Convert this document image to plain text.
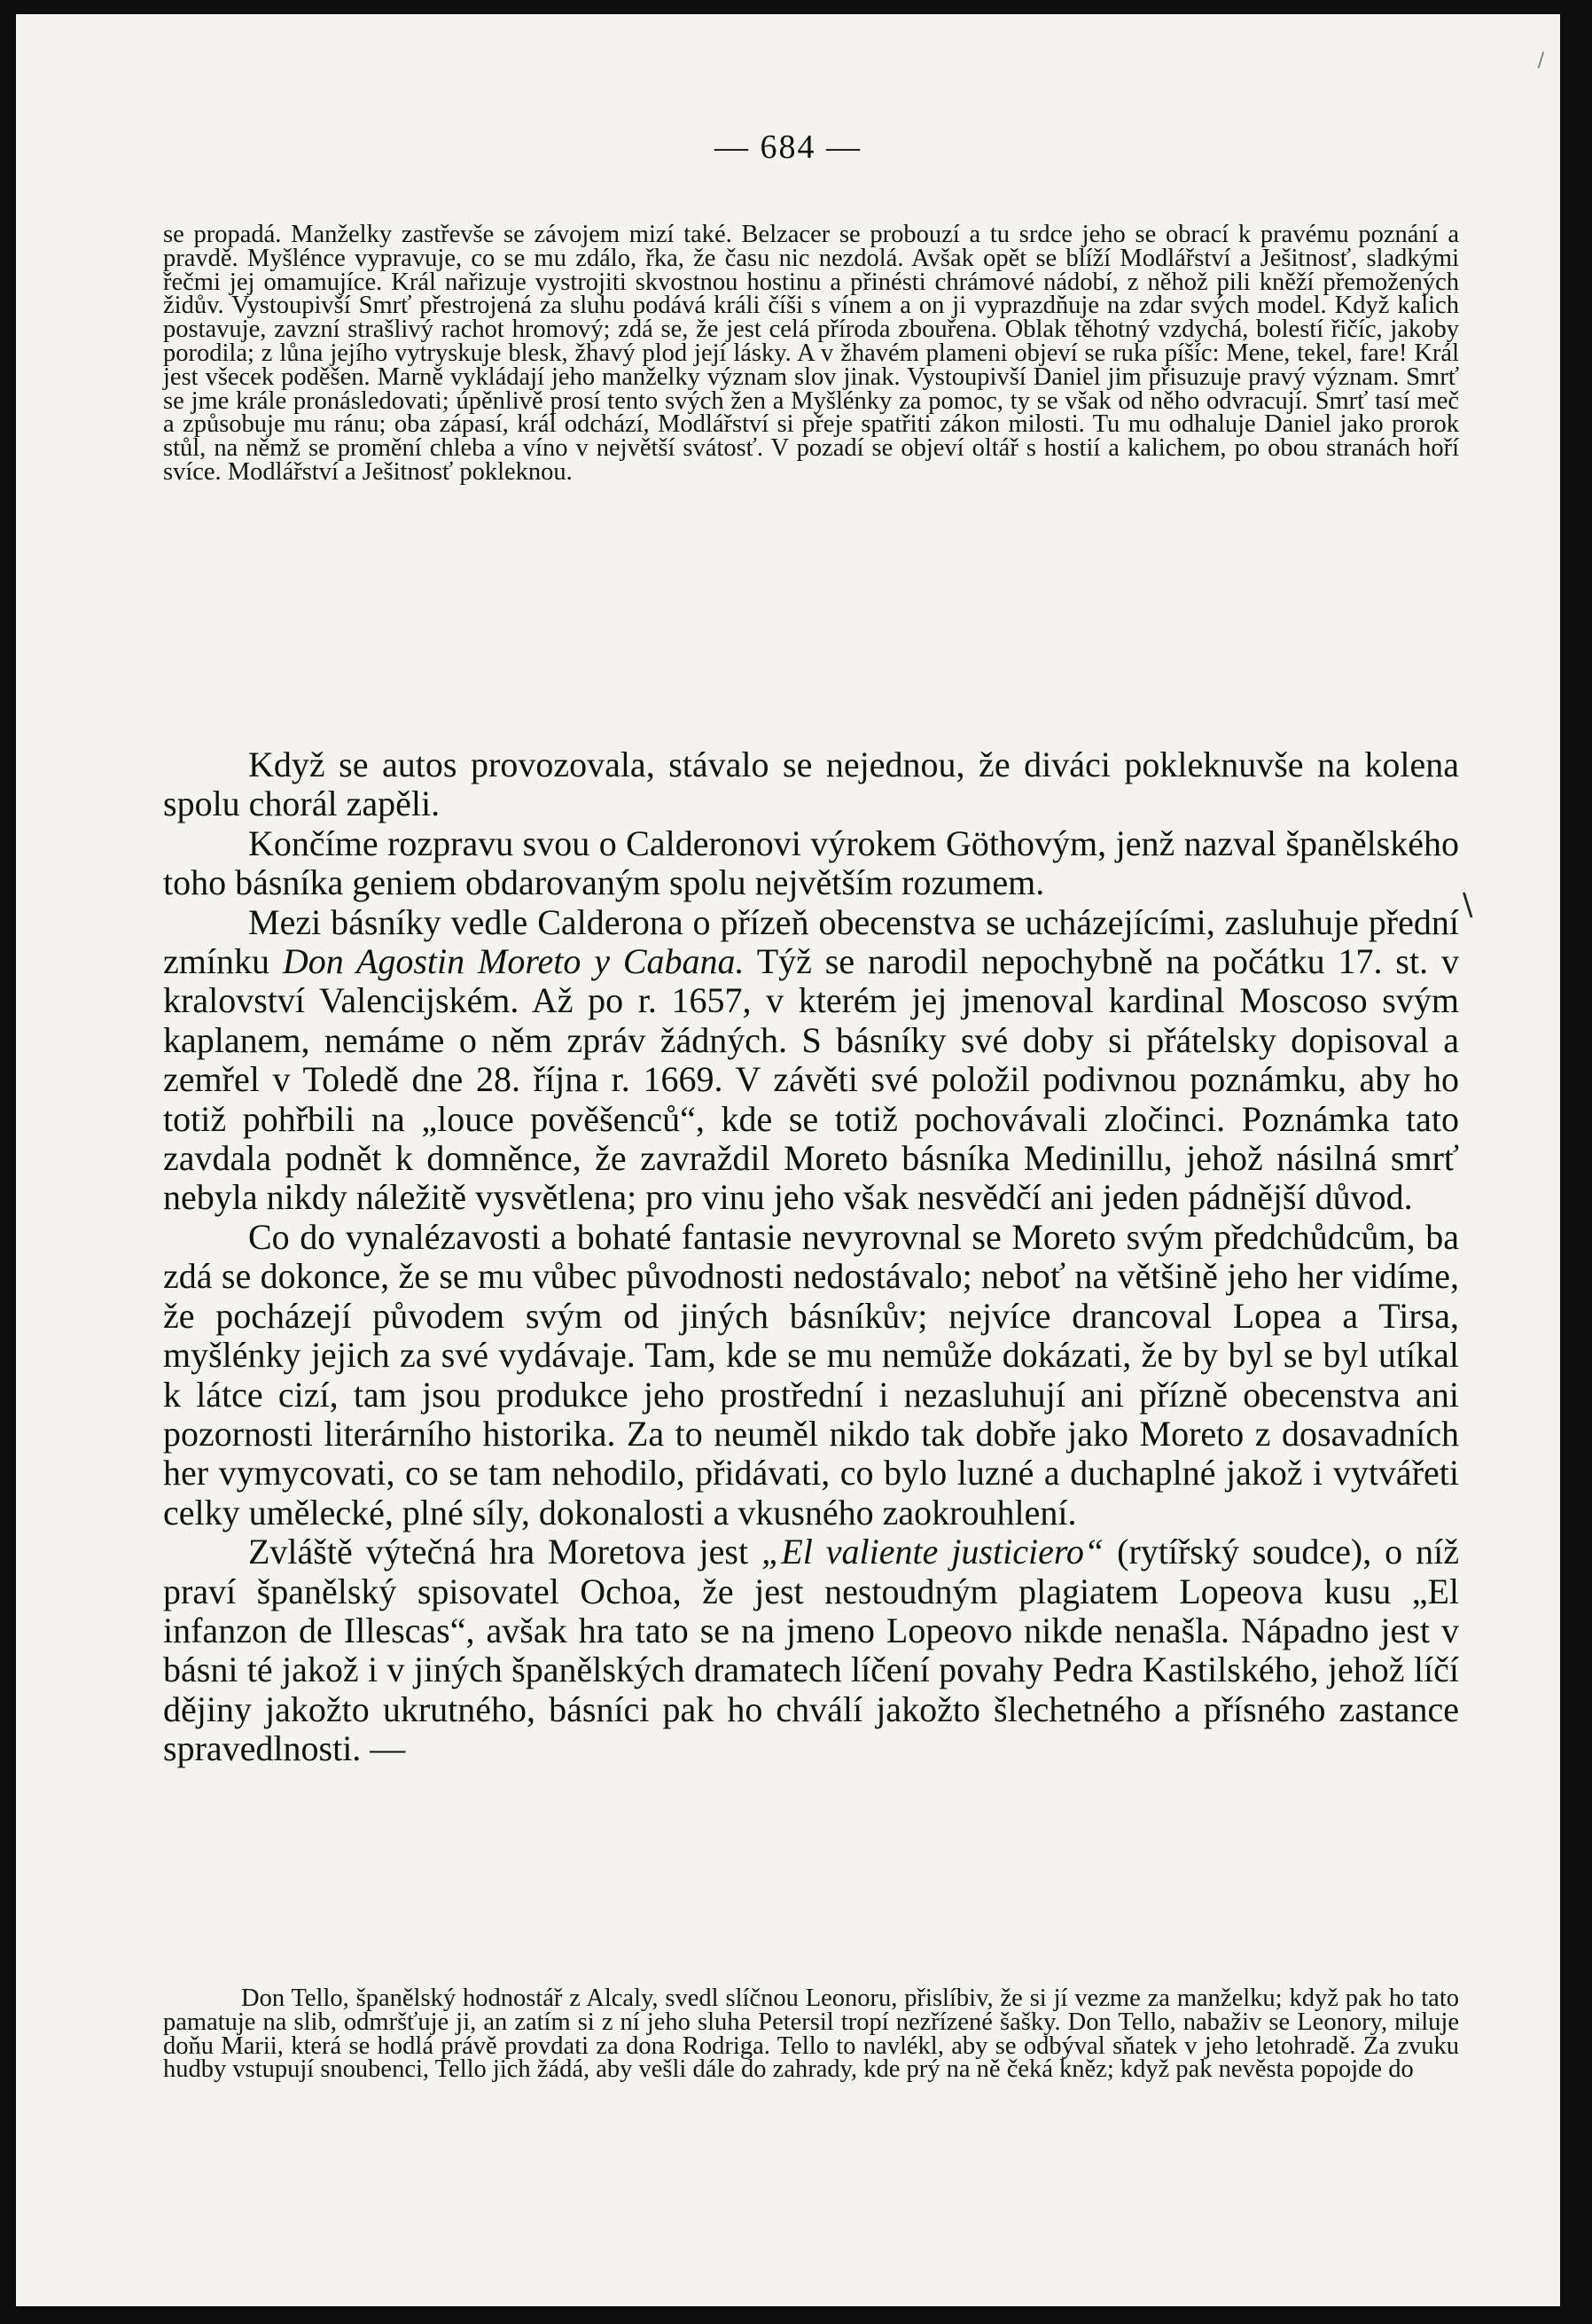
/
— 684 —

se propadá. Manželky zastřevše se závojem mizí také. Belzacer se probouzí a tu srdce jeho se obrací k pravému poznání a pravdě. Myšlénce vypravuje, co se mu zdálo, řka, že času nic nezdolá. Avšak opět se blíží Modlářství a Ješitnosť, sladkými řečmi jej omamujíce. Král nařizuje vystrojiti skvostnou hostinu a přinésti chrámové nádobí, z něhož pili kněží přemožených židův. Vystoupivší Smrť přestrojená za sluhu podává králi číši s vínem a on ji vyprazdňuje na zdar svých model. Když kalich postavuje, zavzní strašlivý rachot hromový; zdá se, že jest celá příroda zbouřena. Oblak těhotný vzdychá, bolestí řičíc, jakoby porodila; z lůna jejího vytryskuje blesk, žhavý plod její lásky. A v žhavém plameni objeví se ruka píšíc: Mene, tekel, fare! Král jest všecek poděšen. Marně vykládají jeho manželky význam slov jinak. Vystoupivší Daniel jim přisuzuje pravý význam. Smrť se jme krále pronásledovati; úpěnlivě prosí tento svých žen a Myšlénky za pomoc, ty se však od něho odvracují. Smrť tasí meč a způsobuje mu ránu; oba zápasí, král odchází, Modlářství si přeje spatřiti zákon milosti. Tu mu odhaluje Daniel jako prorok stůl, na němž se promění chleba a víno v největší svátosť. V pozadí se objeví oltář s hostií a kalichem, po obou stranách hoří svíce. Modlářství a Ješitnosť pokleknou.

Když se autos provozovala, stávalo se nejednou, že diváci pokleknuvše na kolena spolu chorál zapěli.

Končíme rozpravu svou o Calderonovi výrokem Göthovým, jenž nazval španělského toho básníka geniem obdarovaným spolu největším rozumem.

Mezi básníky vedle Calderona o přízeň obecenstva se ucházejícími, zasluhuje přední zmínku Don Agostin Moreto y Cabana. Týž se narodil nepochybně na počátku 17. st. v kralovství Valencijském. Až po r. 1657, v kterém jej jmenoval kardinal Moscoso svým kaplanem, nemáme o něm zpráv žádných. S básníky své doby si přátelsky dopisoval a zemřel v Toledě dne 28. října r. 1669. V závěti své položil podivnou poznámku, aby ho totiž pohřbili na „louce pověšenců“, kde se totiž pochovávali zločinci. Poznámka tato zavdala podnět k domněnce, že zavraždil Moreto básníka Medinillu, jehož násilná smrť nebyla nikdy náležitě vysvětlena; pro vinu jeho však nesvědčí ani jeden pádnější důvod.

Co do vynalézavosti a bohaté fantasie nevyrovnal se Moreto svým předchůdcům, ba zdá se dokonce, že se mu vůbec původnosti nedostávalo; neboť na většině jeho her vidíme, že pocházejí původem svým od jiných básníkův; nejvíce drancoval Lopea a Tirsa, myšlénky jejich za své vydávaje. Tam, kde se mu nemůže dokázati, že by byl se byl utíkal k látce cizí, tam jsou produkce jeho prostřední i nezasluhují ani přízně obecenstva ani pozornosti literárního historika. Za to neuměl nikdo tak dobře jako Moreto z dosavadních her vymycovati, co se tam nehodilo, přidávati, co bylo luzné a duchaplné jakož i vytvářeti celky umělecké, plné síly, dokonalosti a vkusného zaokrouhlení.

Zvláště výtečná hra Moretova jest „El valiente justiciero“ (rytířský soudce), o níž praví španělský spisovatel Ochoa, že jest nestoudným plagiatem Lopeova kusu „El infanzon de Illescas“, avšak hra tato se na jmeno Lopeovo nikde nenašla. Nápadno jest v básni té jakož i v jiných španělských dramatech líčení povahy Pedra Kastilského, jehož líčí dějiny jakožto ukrutného, básníci pak ho chválí jakožto šlechetného a přísného zastance spravedlnosti. —

\

Don Tello, španělský hodnostář z Alcaly, svedl slíčnou Leonoru, přislíbiv, že si jí vezme za manželku; když pak ho tato pamatuje na slib, odmršťuje ji, an zatím si z ní jeho sluha Petersil tropí nezřízené šašky. Don Tello, nabaživ se Leonory, miluje doňu Marii, která se hodlá právě provdati za dona Rodriga. Tello to navlékl, aby se odbýval sňatek v jeho letohradě. Za zvuku hudby vstupují snoubenci, Tello jich žádá, aby vešli dále do zahrady, kde prý na ně čeká kněz; když pak nevěsta popojde do
